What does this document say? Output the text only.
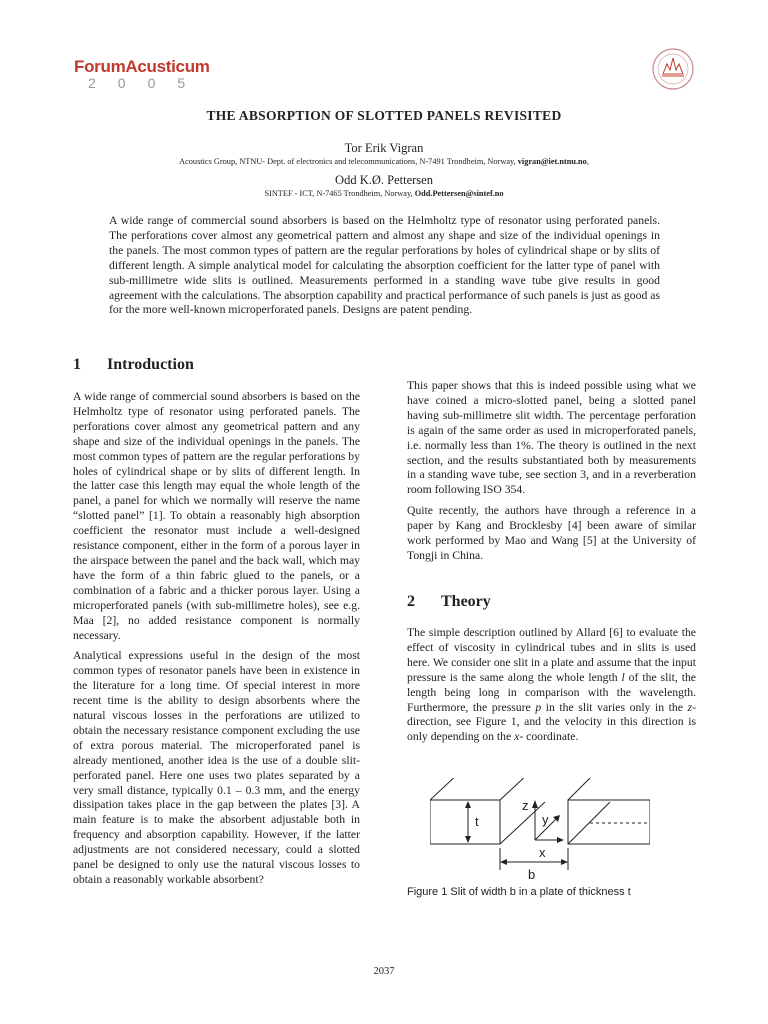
ForumAcusticum
2005
THE ABSORPTION OF SLOTTED PANELS REVISITED
Tor Erik Vigran
Acoustics Group, NTNU- Dept. of electronics and telecommunications, N-7491 Trondheim, Norway, vigran@iet.ntnu.no,
Odd K.Ø. Pettersen
SINTEF - ICT, N-7465 Trondheim, Norway, Odd.Pettersen@sintef.no

A wide range of commercial sound absorbers is based on the Helmholtz type of resonator using perforated panels. The perforations cover almost any geometrical pattern and almost any shape and size of the individual openings in the panels. The most common types of pattern are the regular perforations by holes of cylindrical shape or by slits of different length. A simple analytical model for calculating the absorption coefficient for the latter type of panel with sub-millimetre wide slits is outlined. Measurements performed in a standing wave tube give results in good agreement with the calculations. The absorption capability and practical performance of such panels is just as good as for the more well-known microperforated panels. Designs are patent pending.

1 Introduction

A wide range of commercial sound absorbers is based on the Helmholtz type of resonator using perforated panels. The perforations cover almost any geometrical pattern and any shape and size of the individual openings in the panels. The most common types of pattern are the regular perforations by holes of cylindrical shape or by slits of different length. In the latter case this length may equal the whole length of the panel, a panel for which we normally will reserve the name “slotted panel” [1]. To obtain a reasonably high absorption coefficient the resonator must include a well-designed resistance component, either in the form of a porous layer in the airspace between the panel and the back wall, which may have the form of a thin fabric glued to the panels, or a combination of a fabric and a thicker porous layer. Using a microperforated panels (with sub-millimetre holes), see e.g. Maa [2], no added resistance component is normally necessary.

Analytical expressions useful in the design of the most common types of resonator panels have been in existence in the literature for a long time. Of special interest in more recent time is the ability to design absorbents where the natural viscous losses in the perforations are utilized to obtain the necessary resistance component excluding the use of extra porous material. The microperforated panel is already mentioned, another idea is the use of a double slit-perforated panel. Here one uses two plates separated by a very small distance, typically 0.1 – 0.3 mm, and the energy dissipation takes place in the gap between the plates [3]. A main feature is to make the absorbent adjustable both in frequency and absorption capability. However, if the latter adjustments are not considered necessary, could a slotted panel be designed to only use the natural viscous losses to obtain a reasonably workable absorbent?

This paper shows that this is indeed possible using what we have coined a micro-slotted panel, being a slotted panel having sub-millimetre slit width. The percentage perforation is again of the same order as used in microperforated panels, i.e. normally less than 1%. The theory is outlined in the next section, and the results substantiated both by measurements in a standing wave tube, see section 3, and in a reverberation room following ISO 354.

Quite recently, the authors have through a reference in a paper by Kang and Brocklesby [4] been aware of similar work performed by Mao and Wang [5] at the University of Tongji in China.

2 Theory

The simple description outlined by Allard [6] to evaluate the effect of viscosity in cylindrical tubes and in slits is used here. We consider one slit in a plate and assume that the input pressure is the same along the whole length l of the slit, the length being long in comparison with the wavelength. Furthermore, the pressure p in the slit varies only in the z-direction, see Figure 1, and the velocity in this direction is only depending on the x- coordinate.

t
z
y
x
b
Figure 1 Slit of width b in a plate of thickness t
2037
